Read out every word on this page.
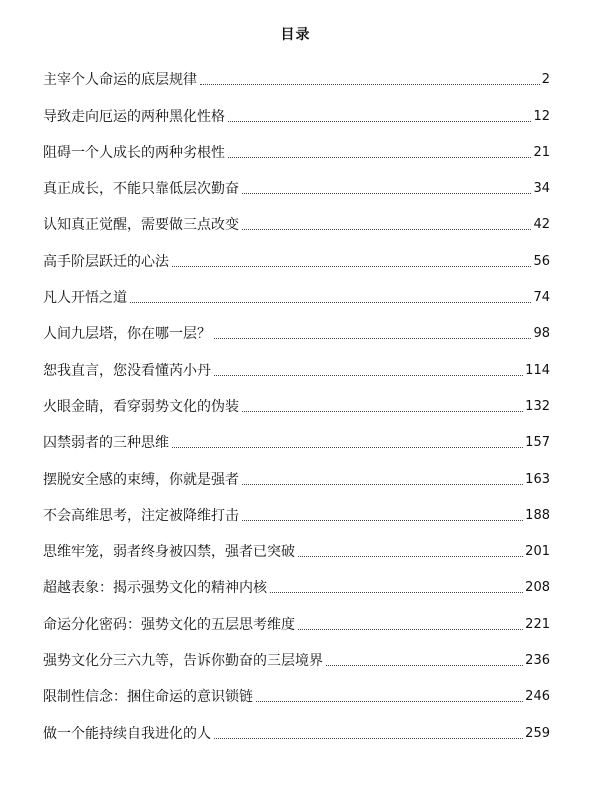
目录
主宰个人命运的底层规律	2
导致走向厄运的两种黑化性格	12
阻碍一个人成长的两种劣根性	21
真正成长，不能只靠低层次勤奋	34
认知真正觉醒，需要做三点改变	42
高手阶层跃迁的心法	56
凡人开悟之道	74
人间九层塔，你在哪一层？	98
恕我直言，您没看懂芮小丹	114
火眼金睛，看穿弱势文化的伪装	132
囚禁弱者的三种思维	157
摆脱安全感的束缚，你就是强者	163
不会高维思考，注定被降维打击	188
思维牢笼，弱者终身被囚禁，强者已突破	201
超越表象：揭示强势文化的精神内核	208
命运分化密码：强势文化的五层思考维度	221
强势文化分三六九等，告诉你勤奋的三层境界	236
限制性信念：捆住命运的意识锁链	246
做一个能持续自我进化的人	259
